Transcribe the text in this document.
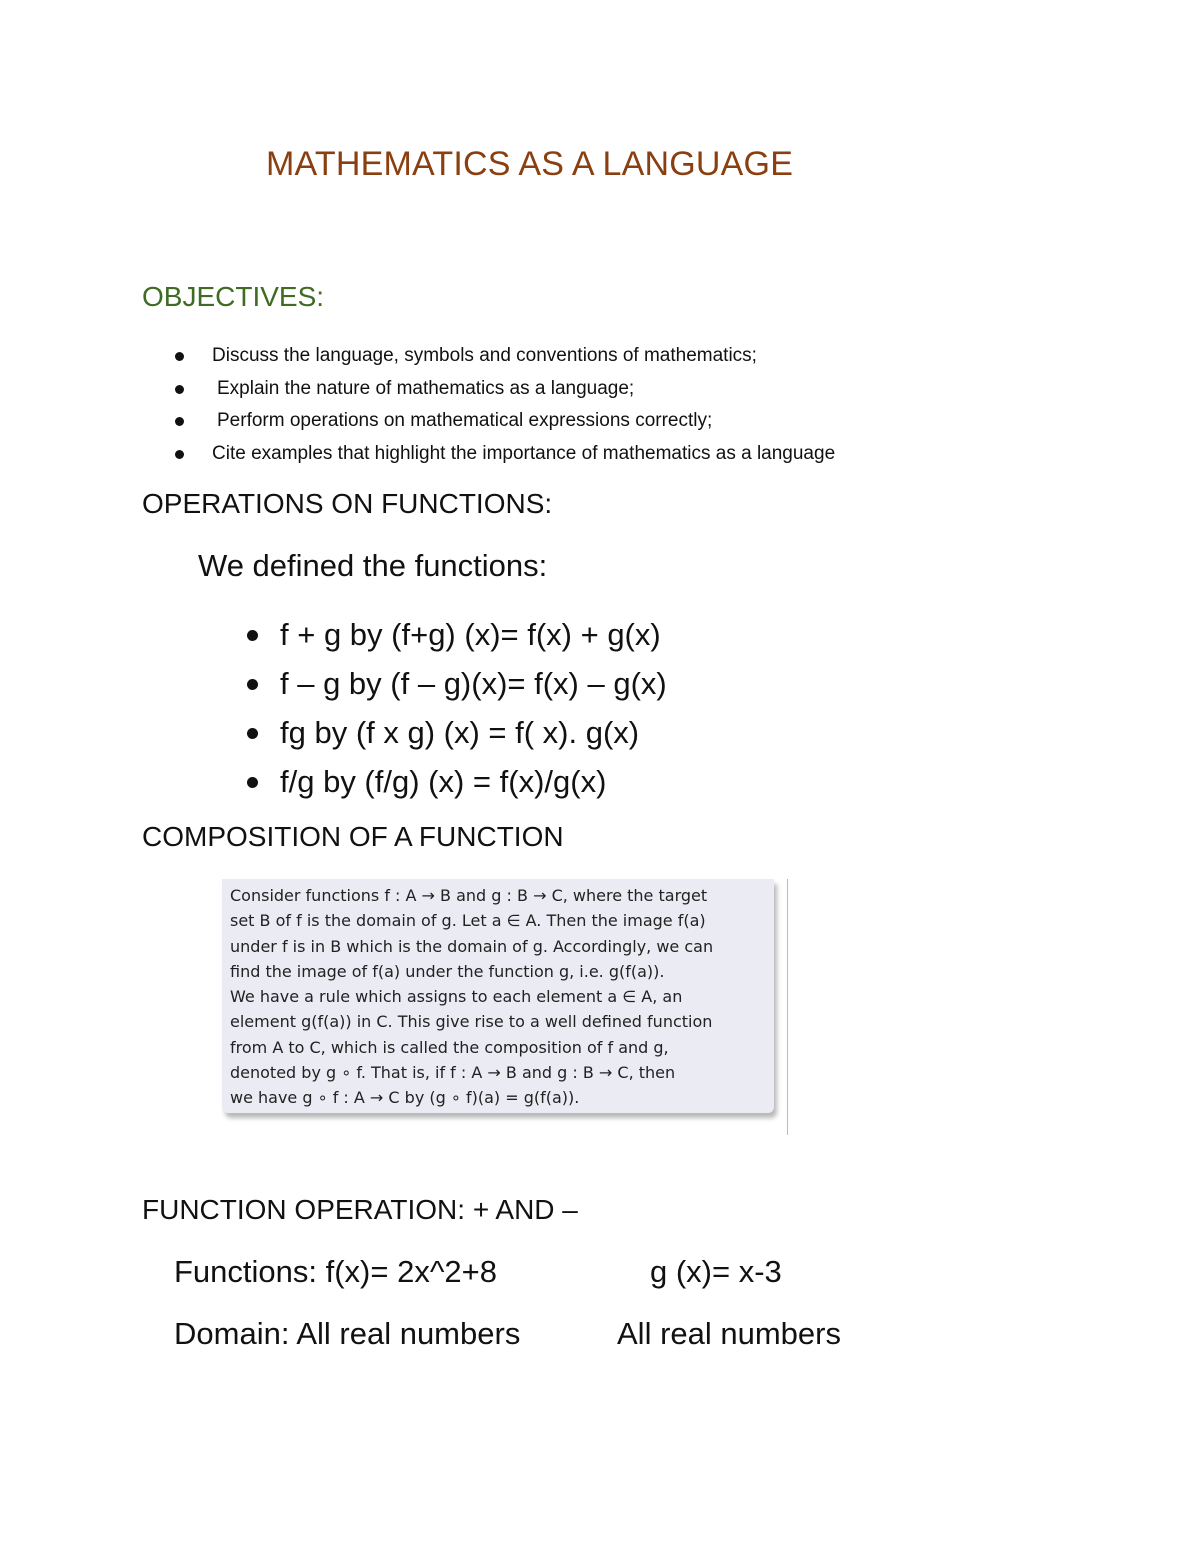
MATHEMATICS AS A LANGUAGE
OBJECTIVES:
Discuss the language, symbols and conventions of mathematics;
Explain the nature of mathematics as a language;
Perform operations on mathematical expressions correctly;
Cite examples that highlight the importance of mathematics as a language
OPERATIONS ON FUNCTIONS:
We defined the functions:
f + g by (f+g) (x)= f(x) + g(x)
f – g by (f – g)(x)= f(x) – g(x)
fg by (f x g) (x) = f( x). g(x)
f/g by (f/g) (x) = f(x)/g(x)
COMPOSITION OF A FUNCTION
Consider functions f : A → B and g : B → C, where the target
set B of f is the domain of g. Let a ∈ A. Then the image f(a)
under f is in B which is the domain of g. Accordingly, we can
find the image of f(a) under the function g, i.e. g(f(a)).
We have a rule which assigns to each element a ∈ A, an
element g(f(a)) in C. This give rise to a well defined function
from A to C, which is called the composition of f and g,
denoted by g ∘ f. That is, if f : A → B and g : B → C, then
we have g ∘ f : A → C by (g ∘ f)(a) = g(f(a)).
FUNCTION OPERATION: + AND –
Functions: f(x)= 2x^2+8	g (x)= x-3
Domain: All real numbers	All real numbers
